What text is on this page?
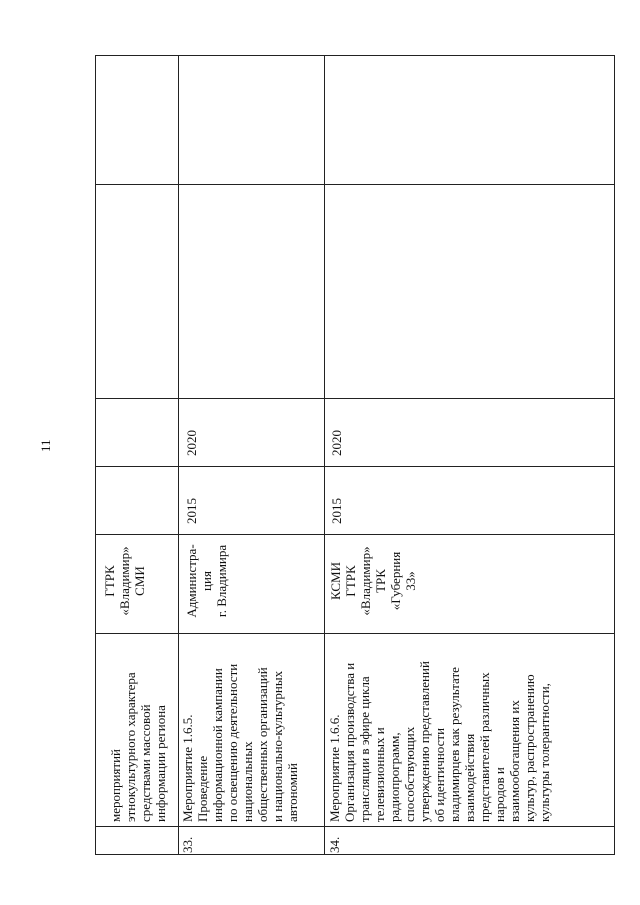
11
мероприятий этнокультурного характера средствами массовой информации региона
ГТРК «Владимир» СМИ
33.
Мероприятие 1.6.5. Проведение информационной кампании по освещению деятельности национальных общественных организаций и национально-культурных автономий
Администра- ция г. Владимира
2015
2020
34.
Мероприятие 1.6.6. Организация производства и трансляции в эфире цикла телевизионных и радиопрограмм, способствующих утверждению представлений об идентичности владимирцев как результате взаимодействия представителей различных народов и взаимообогащения их культур, распространению культуры толерантности,
КСМИ ГТРК «Владимир» ТРК «Губерния 33»
2015
2020
